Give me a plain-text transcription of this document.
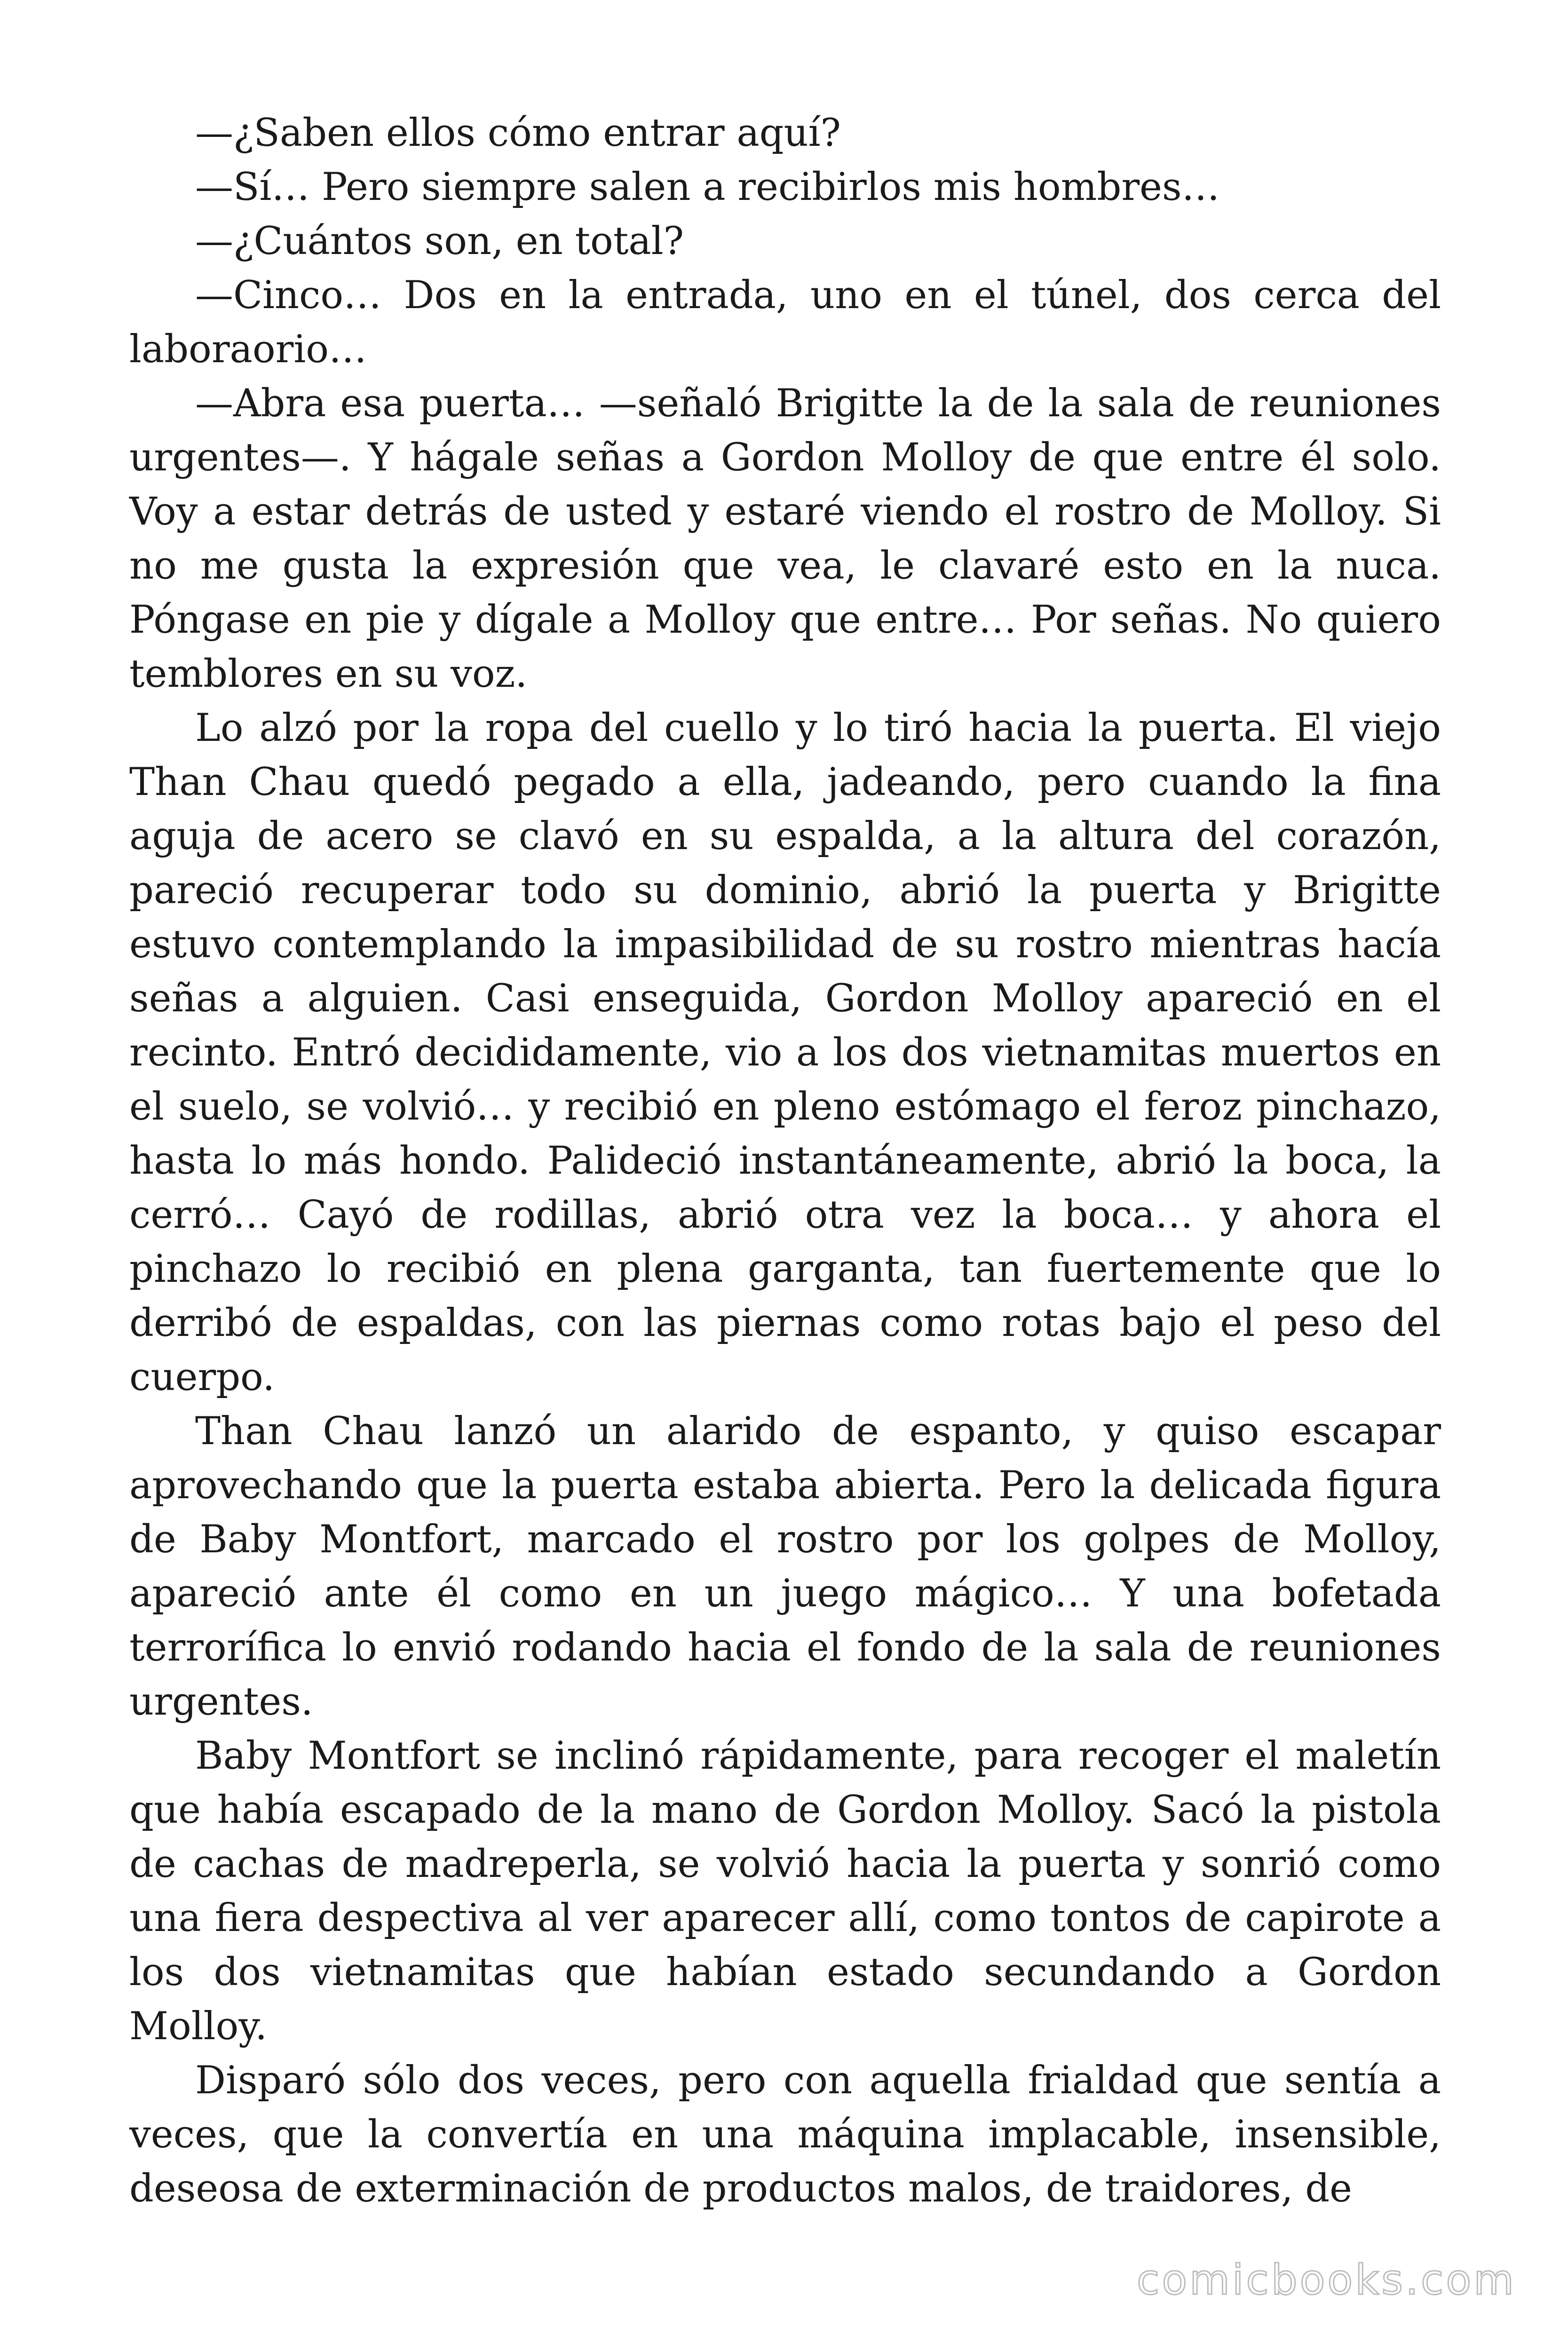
—¿Saben ellos cómo entrar aquí?

—Sí… Pero siempre salen a recibirlos mis hombres…

—¿Cuántos son, en total?

—Cinco… Dos en la entrada, uno en el túnel, dos cerca del laboraorio…

—Abra esa puerta… —señaló Brigitte la de la sala de reuniones urgentes—. Y hágale señas a Gordon Molloy de que entre él solo. Voy a estar detrás de usted y estaré viendo el rostro de Molloy. Si no me gusta la expresión que vea, le clavaré esto en la nuca. Póngase en pie y dígale a Molloy que entre… Por señas. No quiero temblores en su voz.

Lo alzó por la ropa del cuello y lo tiró hacia la puerta. El viejo Than Chau quedó pegado a ella, jadeando, pero cuando la fina aguja de acero se clavó en su espalda, a la altura del corazón, pareció recuperar todo su dominio, abrió la puerta y Brigitte estuvo contemplando la impasibilidad de su rostro mientras hacía señas a alguien. Casi enseguida, Gordon Molloy apareció en el recinto. Entró decididamente, vio a los dos vietnamitas muertos en el suelo, se volvió… y recibió en pleno estómago el feroz pinchazo, hasta lo más hondo. Palideció instantáneamente, abrió la boca, la cerró… Cayó de rodillas, abrió otra vez la boca… y ahora el pinchazo lo recibió en plena garganta, tan fuertemente que lo derribó de espaldas, con las piernas como rotas bajo el peso del cuerpo.

Than Chau lanzó un alarido de espanto, y quiso escapar aprovechando que la puerta estaba abierta. Pero la delicada figura de Baby Montfort, marcado el rostro por los golpes de Molloy, apareció ante él como en un juego mágico… Y una bofetada terrorífica lo envió rodando hacia el fondo de la sala de reuniones urgentes.

Baby Montfort se inclinó rápidamente, para recoger el maletín que había escapado de la mano de Gordon Molloy. Sacó la pistola de cachas de madreperla, se volvió hacia la puerta y sonrió como una fiera despectiva al ver aparecer allí, como tontos de capirote a los dos vietnamitas que habían estado secundando a Gordon Molloy.

Disparó sólo dos veces, pero con aquella frialdad que sentía a veces, que la convertía en una máquina implacable, insensible, deseosa de exterminación de productos malos, de traidores, de

comicbooks.com
